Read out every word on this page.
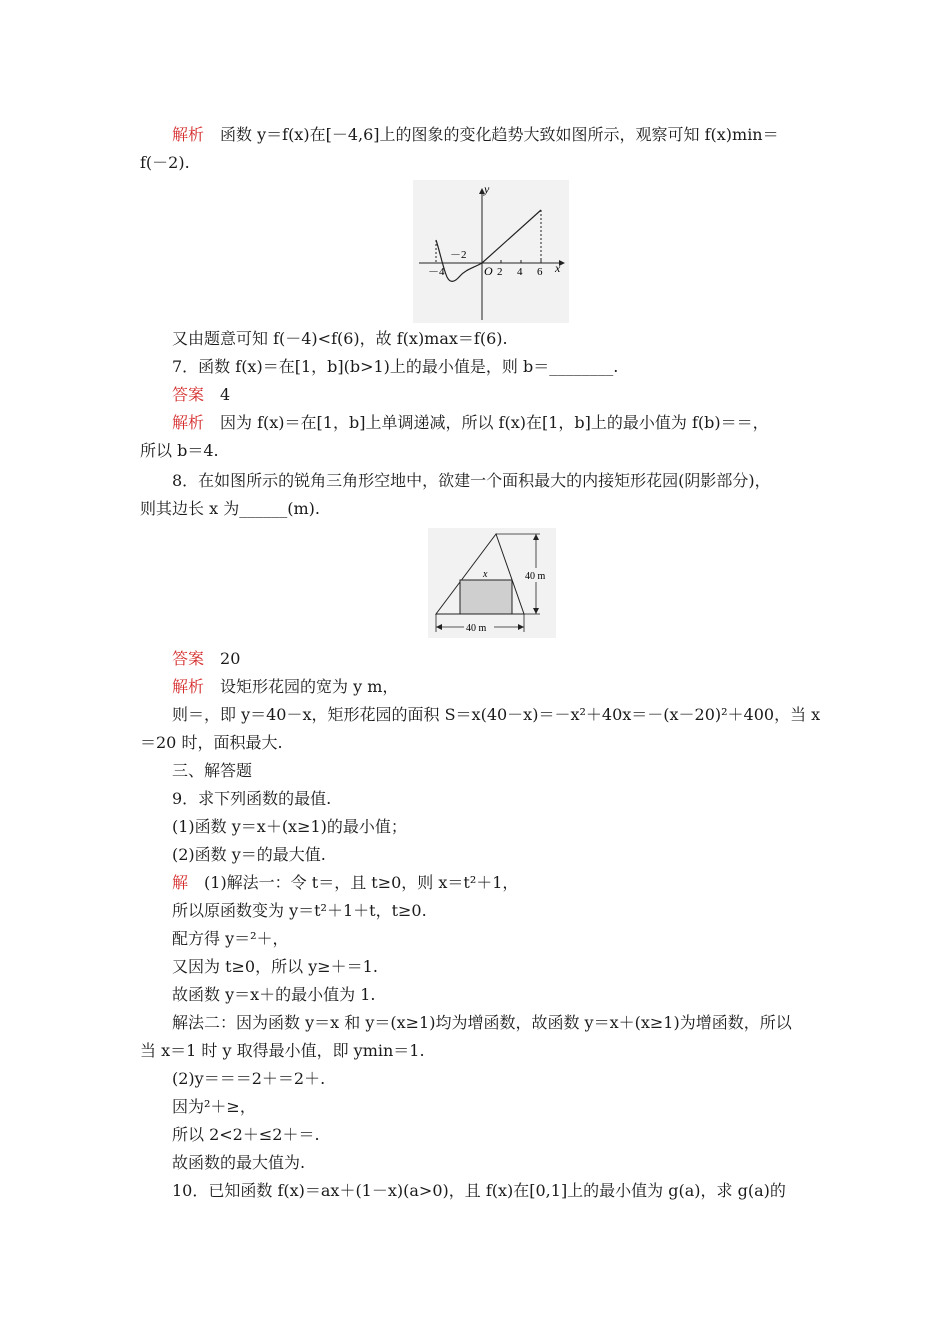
解析　函数 y＝f(x)在[－4,6]上的图象的变化趋势大致如图所示，观察可知 f(x)min＝
f(－2).
y
x
O
－4
－2
2 4 6
又由题意可知 f(－4)<f(6)，故 f(x)max＝f(6).
7．函数 f(x)＝在[1，b](b>1)上的最小值是，则 b＝________.
答案　4
解析　因为 f(x)＝在[1，b]上单调递减，所以 f(x)在[1，b]上的最小值为 f(b)＝＝，
所以 b＝4.
8．在如图所示的锐角三角形空地中，欲建一个面积最大的内接矩形花园(阴影部分)，
则其边长 x 为______(m).
x	40 m
40 m
答案　20
解析　设矩形花园的宽为 y m，
则＝，即 y＝40－x，矩形花园的面积 S＝x(40－x)＝－x²＋40x＝－(x－20)²＋400，当 x
＝20 时，面积最大.
三、解答题
9．求下列函数的最值.
(1)函数 y＝x＋(x≥1)的最小值；
(2)函数 y＝的最大值.
解　(1)解法一：令 t＝，且 t≥0，则 x＝t²＋1，
所以原函数变为 y＝t²＋1＋t，t≥0.
配方得 y＝²＋，
又因为 t≥0，所以 y≥＋＝1.
故函数 y＝x＋的最小值为 1.
解法二：因为函数 y＝x 和 y＝(x≥1)均为增函数，故函数 y＝x＋(x≥1)为增函数，所以
当 x＝1 时 y 取得最小值，即 ymin＝1.
(2)y＝＝＝2＋＝2＋.
因为²＋≥，
所以 2<2＋≤2＋＝.
故函数的最大值为.
10．已知函数 f(x)＝ax＋(1－x)(a>0)，且 f(x)在[0,1]上的最小值为 g(a)，求 g(a)的
